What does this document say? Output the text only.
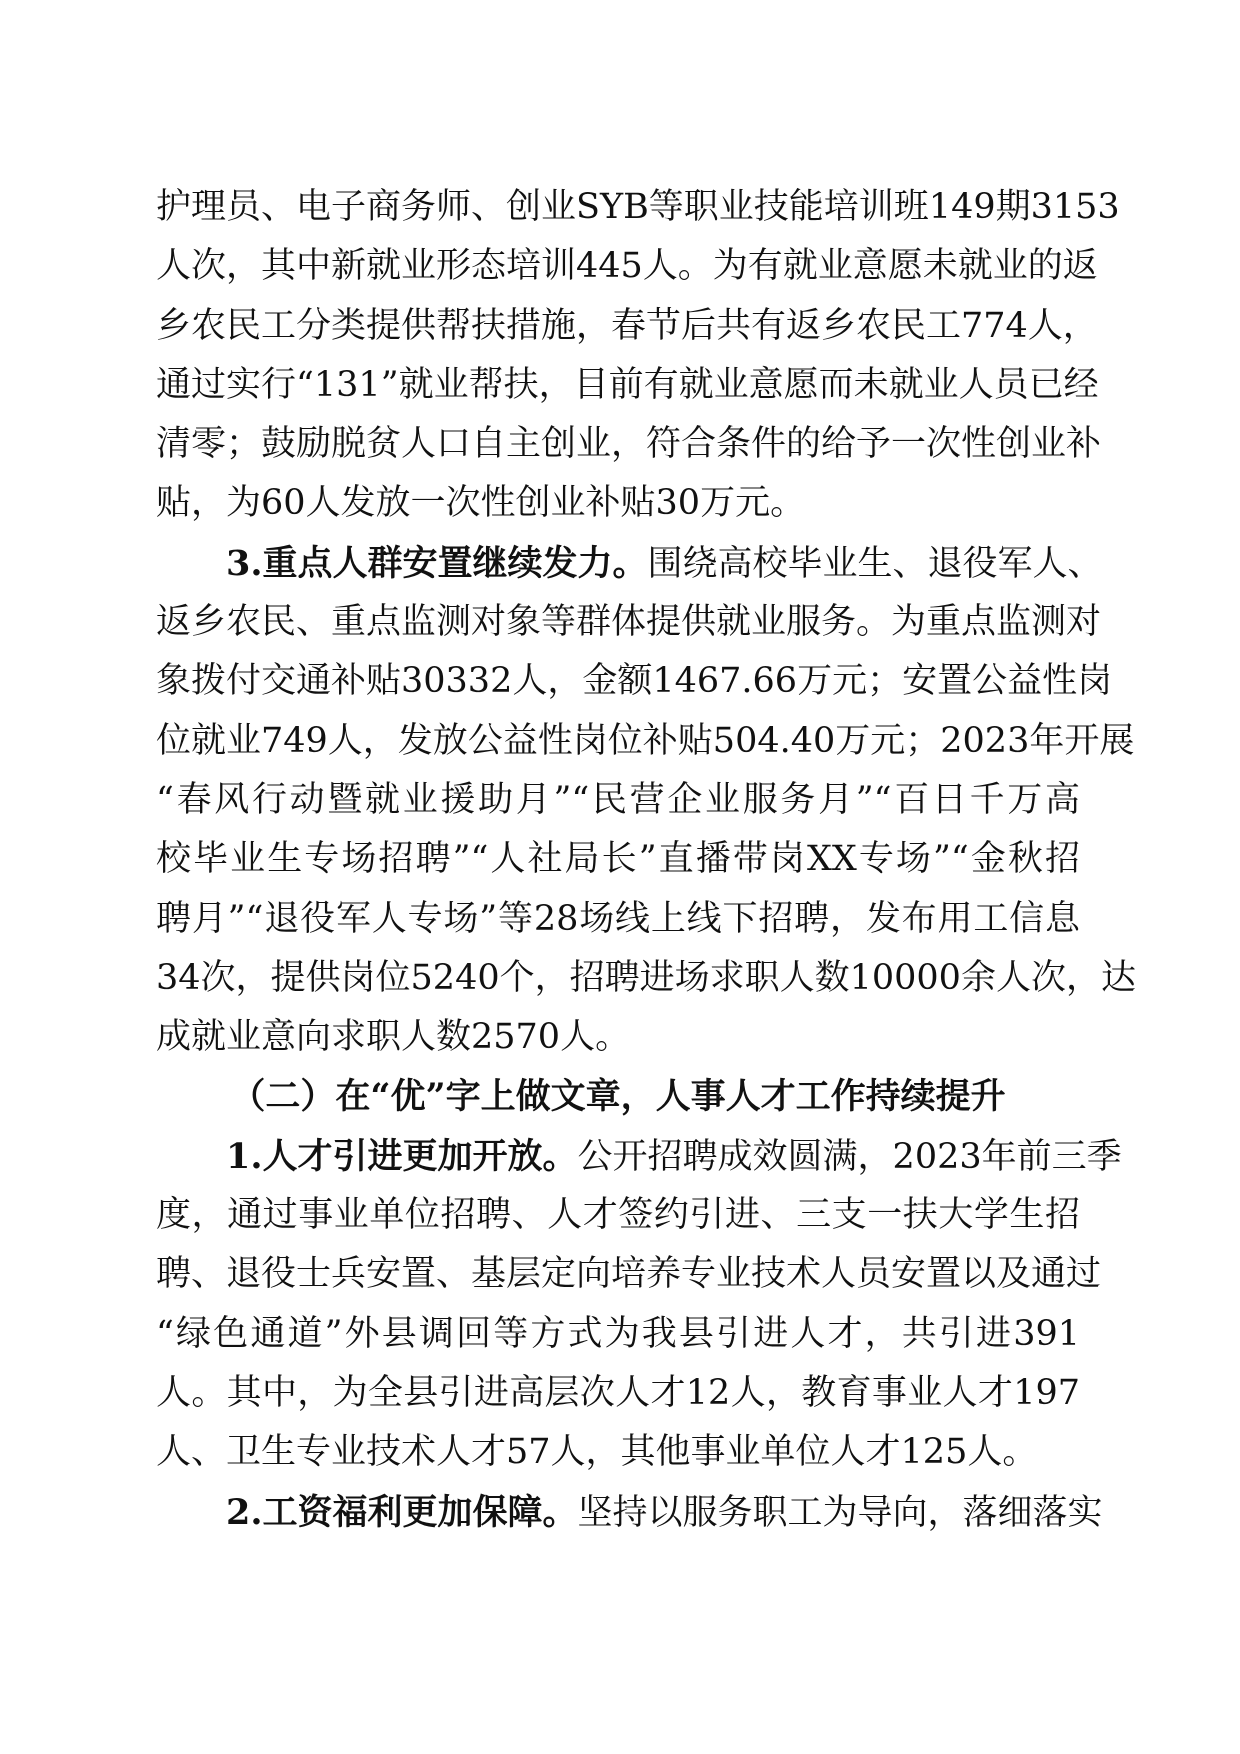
护理员、电子商务师、创业SYB等职业技能培训班149期3153
人次，其中新就业形态培训445人。为有就业意愿未就业的返
乡农民工分类提供帮扶措施，春节后共有返乡农民工774人，
通过实行“131”就业帮扶，目前有就业意愿而未就业人员已经
清零；鼓励脱贫人口自主创业，符合条件的给予一次性创业补
贴，为60人发放一次性创业补贴30万元。
3.重点人群安置继续发力。围绕高校毕业生、退役军人、
返乡农民、重点监测对象等群体提供就业服务。为重点监测对
象拨付交通补贴30332人，金额1467.66万元；安置公益性岗
位就业749人，发放公益性岗位补贴504.40万元；2023年开展
“春风行动暨就业援助月”“民营企业服务月”“百日千万高
校毕业生专场招聘”“人社局长”直播带岗XX专场”“金秋招
聘月”“退役军人专场”等28场线上线下招聘，发布用工信息
34次，提供岗位5240个，招聘进场求职人数10000余人次，达
成就业意向求职人数2570人。
（二）在“优”字上做文章，人事人才工作持续提升
1.人才引进更加开放。公开招聘成效圆满，2023年前三季
度，通过事业单位招聘、人才签约引进、三支一扶大学生招
聘、退役士兵安置、基层定向培养专业技术人员安置以及通过
“绿色通道”外县调回等方式为我县引进人才，共引进391
人。其中，为全县引进高层次人才12人，教育事业人才197
人、卫生专业技术人才57人，其他事业单位人才125人。
2.工资福利更加保障。坚持以服务职工为导向，落细落实
